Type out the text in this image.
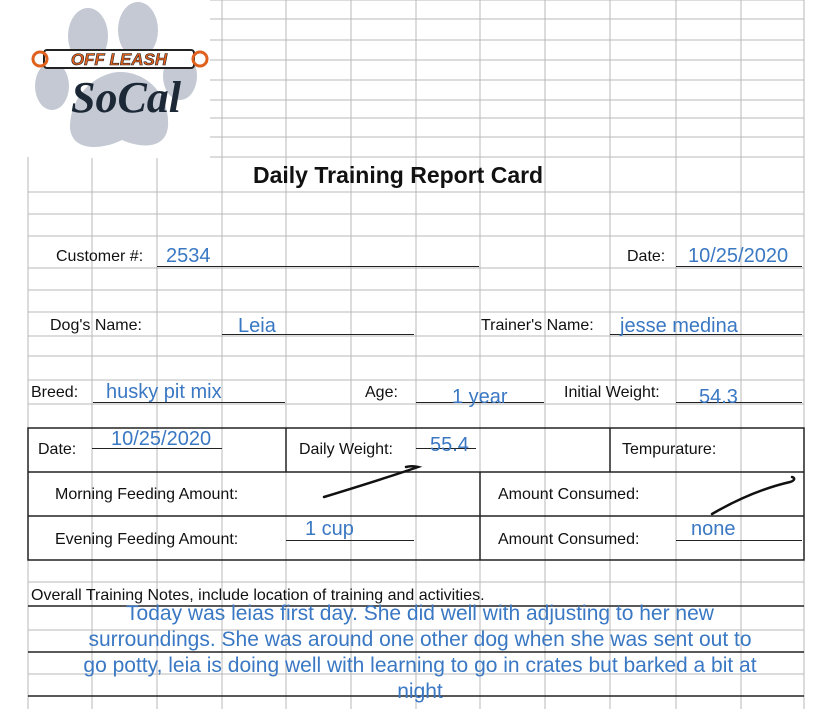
OFF LEASH
SoCal
Daily Training Report Card
Customer #: 2534	Date: 10/25/2020
Dog's Name:	Leia	Trainer's Name: jesse medina
Breed: husky pit mix	Age:	1 year	Initial Weight: 54.3
Date: 10/25/2020	Daily Weight: 55.4	Tempurature:
Morning Feeding Amount:	Amount Consumed:
Evening Feeding Amount:	1 cup	Amount Consumed:	none
Overall Training Notes, include location of training and activities.
Today was leias first day. She did well with adjusting to her new
surroundings. She was around one other dog when she was sent out to
go potty, leia is doing well with learning to go in crates but barked a bit at
night
